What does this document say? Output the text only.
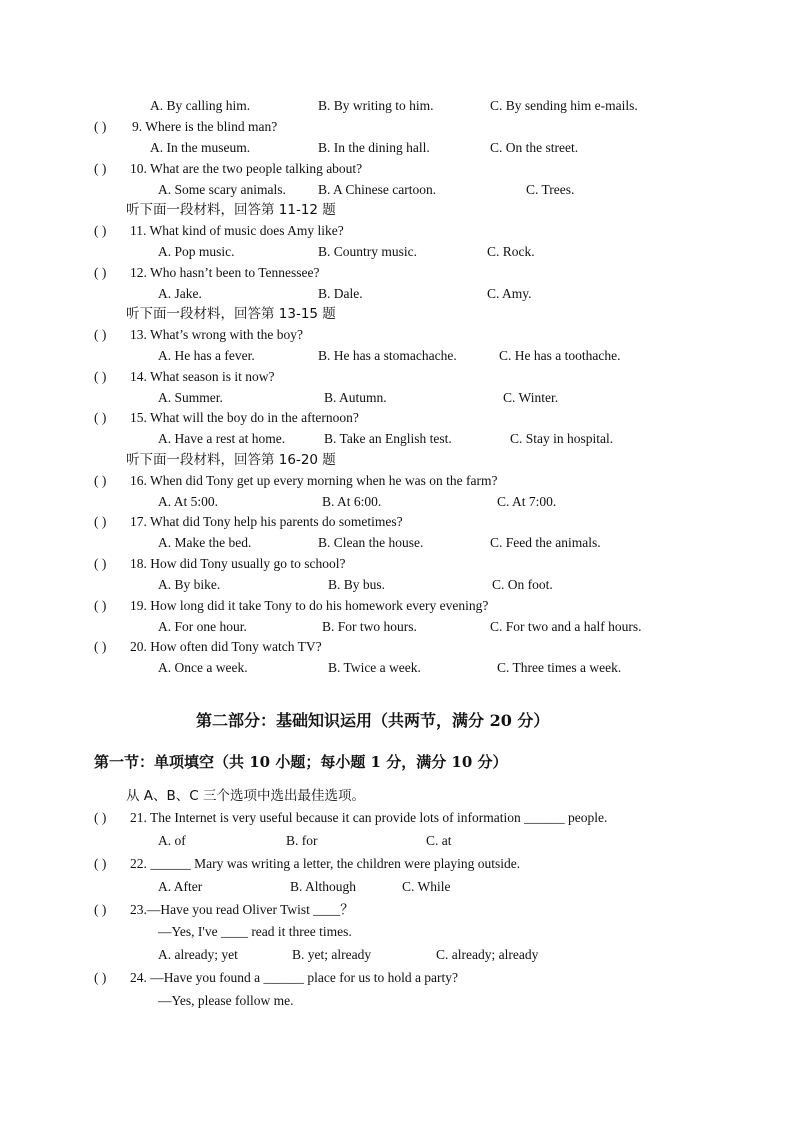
A. By calling him.	B. By writing to him.	C. By sending him e-mails.
( ) 9. Where is the blind man?
A. In the museum.	B. In the dining hall.	C. On the street.
( ) 10. What are the two people talking about?
A. Some scary animals. B. A Chinese cartoon.	C. Trees.
听下面一段材料，回答第 11-12 题
( ) 11. What kind of music does Amy like?
A. Pop music.	B. Country music.	C. Rock.
( ) 12. Who hasn’t been to Tennessee?
A. Jake.	B. Dale.	C. Amy.
听下面一段材料，回答第 13-15 题
( ) 13. What’s wrong with the boy?
A. He has a fever.	B. He has a stomachache.	C. He has a toothache.
( ) 14. What season is it now?
A. Summer.	B. Autumn.	C. Winter.
( ) 15. What will the boy do in the afternoon?
A. Have a rest at home.	B. Take an English test.	C. Stay in hospital.
听下面一段材料，回答第 16-20 题
( ) 16. When did Tony get up every morning when he was on the farm?
A. At 5:00.	B. At 6:00.	C. At 7:00.
( ) 17. What did Tony help his parents do sometimes?
A. Make the bed.	B. Clean the house.	C. Feed the animals.
( ) 18. How did Tony usually go to school?
A. By bike.	B. By bus.	C. On foot.
( ) 19. How long did it take Tony to do his homework every evening?
A. For one hour.	B. For two hours.	C. For two and a half hours.
( ) 20. How often did Tony watch TV?
A. Once a week.	B. Twice a week.	C. Three times a week.
第二部分：基础知识运用（共两节，满分 20 分）
第一节：单项填空（共 10 小题；每小题 1 分，满分 10 分）
从 A、B、C 三个选项中选出最佳选项。
( ) 21. The Internet is very useful because it can provide lots of information ______ people.
A. of	B. for	C. at
( ) 22. ______ Mary was writing a letter, the children were playing outside.
A. After	B. Although	C. While
( ) 23.—Have you read Oliver Twist ____？
—Yes, I've ____ read it three times.
A. already; yet	B. yet; already	C. already; already
( ) 24. —Have you found a ______ place for us to hold a party?
—Yes, please follow me.
